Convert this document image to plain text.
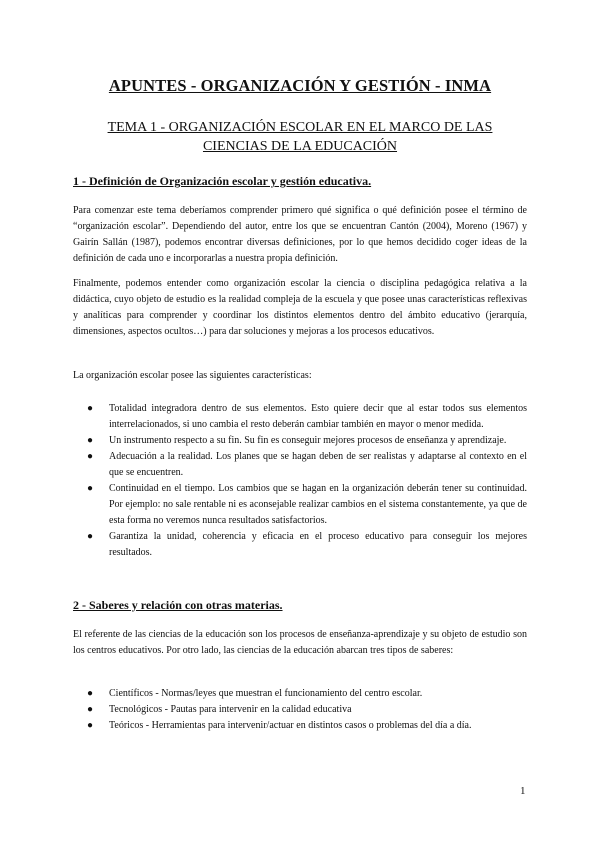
APUNTES - ORGANIZACIÓN Y GESTIÓN - INMA
TEMA 1 - ORGANIZACIÓN ESCOLAR EN EL MARCO DE LAS
CIENCIAS DE LA EDUCACIÓN
1 - Definición de Organización escolar y gestión educativa.

Para comenzar este tema deberíamos comprender primero qué significa o qué definición posee el término de “organización escolar”. Dependiendo del autor, entre los que se encuentran Cantón (2004), Moreno (1967) y Gairín Sallán (1987), podemos encontrar diversas definiciones, por lo que hemos decidido coger ideas de la definición de cada uno e incorporarlas a nuestra propia definición.

Finalmente, podemos entender como organización escolar la ciencia o disciplina pedagógica relativa a la didáctica, cuyo objeto de estudio es la realidad compleja de la escuela y que posee unas características reflexivas y analíticas para comprender y coordinar los distintos elementos dentro del ámbito educativo (jerarquía, dimensiones, aspectos ocultos…) para dar soluciones y mejoras a los procesos educativos.

La organización escolar posee las siguientes características:

● Totalidad integradora dentro de sus elementos. Esto quiere decir que al estar todos sus elementos interrelacionados, si uno cambia el resto deberán cambiar también en mayor o menor medida.
● Un instrumento respecto a su fin. Su fin es conseguir mejores procesos de enseñanza y aprendizaje.
● Adecuación a la realidad. Los planes que se hagan deben de ser realistas y adaptarse al contexto en el que se encuentren.
● Continuidad en el tiempo. Los cambios que se hagan en la organización deberán tener su continuidad. Por ejemplo: no sale rentable ni es aconsejable realizar cambios en el sistema constantemente, ya que de esta forma no veremos nunca resultados satisfactorios.
● Garantiza la unidad, coherencia y eficacia en el proceso educativo para conseguir los mejores resultados.
2 - Saberes y relación con otras materias.

El referente de las ciencias de la educación son los procesos de enseñanza-aprendizaje y su objeto de estudio son los centros educativos. Por otro lado, las ciencias de la educación abarcan tres tipos de saberes:

● Científicos - Normas/leyes que muestran el funcionamiento del centro escolar.
● Tecnológicos - Pautas para intervenir en la calidad educativa
● Teóricos - Herramientas para intervenir/actuar en distintos casos o problemas del día a día.
1
